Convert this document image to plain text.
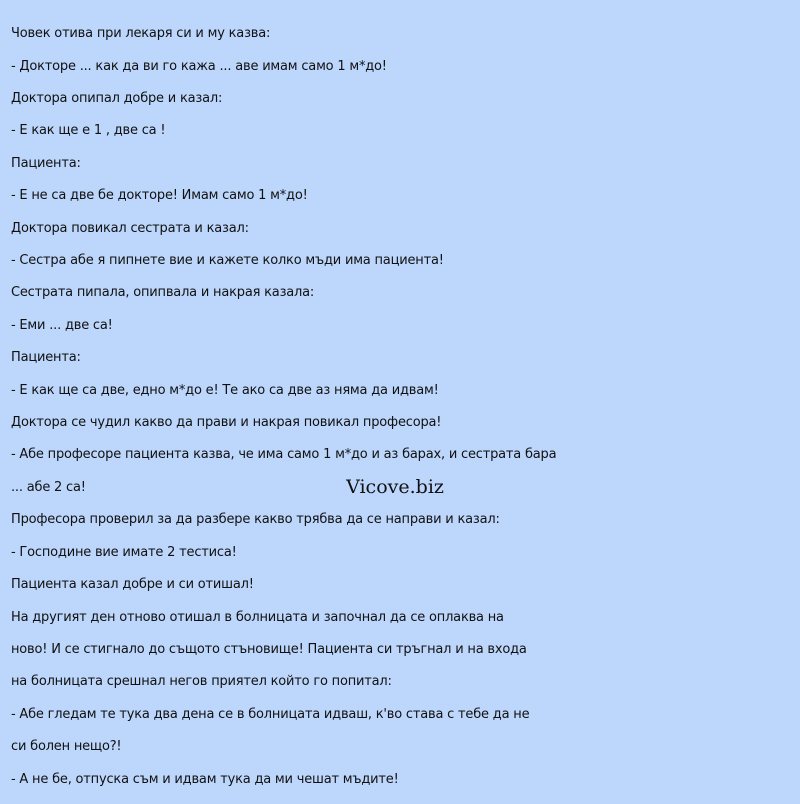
Човек отива при лекаря си и му казва:

- Докторе ... как да ви го кажа ... аве имам само 1 м*до!

Доктора опипал добре и казал:

- Е как ще е 1 , две са !

Пациента:

- Е не са две бе докторе! Имам само 1 м*до!

Доктора повикал сестрата и казал:

- Сестра абе я пипнете вие и кажете колко мъди има пациента!

Сестрата пипала, опипвала и накрая казала:

- Еми ... две са!

Пациента:

- Е как ще са две, едно м*до е! Те ако са две аз няма да идвам!

Доктора се чудил какво да прави и накрая повикал професора!

- Абе професоре пациента казва, че има само 1 м*до и аз барах, и сестрата бара

... абе 2 са!

Професора проверил за да разбере какво трябва да се направи и казал:

- Господине вие имате 2 тестиса!

Пациента казал добре и си отишал!

На другият ден отново отишал в болницата и започнал да се оплаква на

ново! И се стигнало до същото стъновище! Пациента си тръгнал и на входа

на болницата срешнал негов приятел който го попитал:

- Абе гледам те тука два дена се в болницата идваш, к'во става с тебе да не

си болен нещо?!

- А не бе, отпуска съм и идвам тука да ми чешат мъдите!

Vicove.biz
